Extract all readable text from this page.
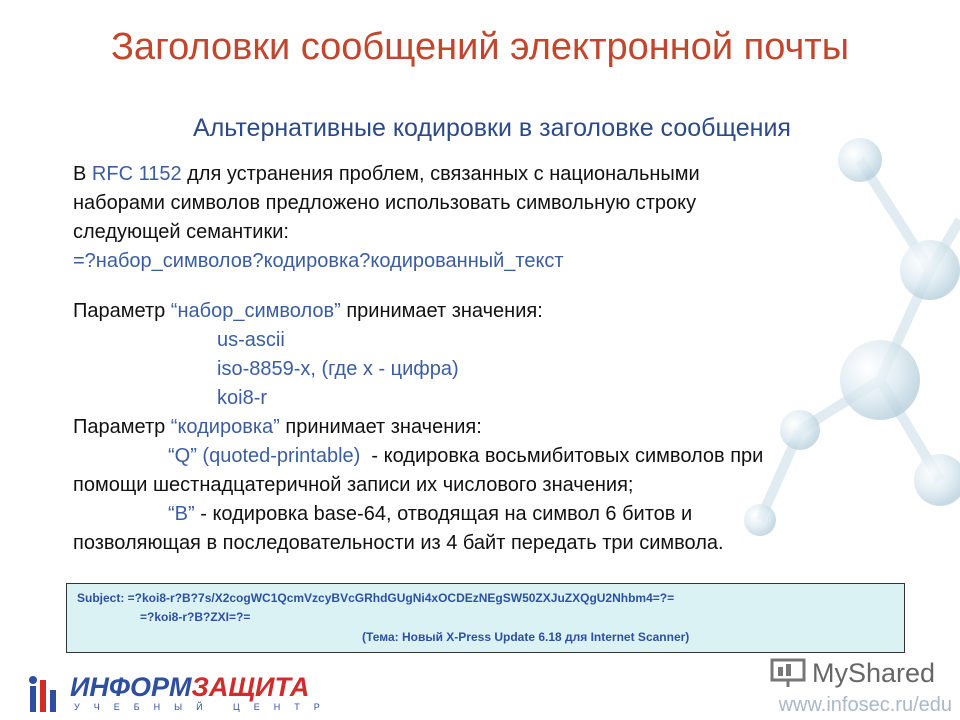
Заголовки сообщений электронной почты
Альтернативные кодировки в заголовке сообщения
В RFC 1152 для устранения проблем, связанных с национальными
наборами символов предложено использовать символьную строку
следующей семантики:
=?набор_символов?кодировка?кодированный_текст
Параметр “набор_символов” принимает значения:
us-ascii
iso-8859-x, (где х - цифра)
koi8-r
Параметр “кодировка” принимает значения:
“Q” (quoted-printable)  - кодировка восьмибитовых символов при
помощи шестнадцатеричной записи их числового значения;
“B” - кодировка base-64, отводящая на символ 6 битов и
позволяющая в последовательности из 4 байт передать три символа.
Subject: =?koi8-r?B?7s/X2cogWC1QcmVzcyBVcGRhdGUgNi4xOCDEzNEgSW50ZXJuZXQgU2Nhbm4=?=
=?koi8-r?B?ZXI=?=
(Тема: Новый X-Press Update 6.18 для Internet Scanner)
ИНФОРМЗАЩИТА
УЧЕБНЫЙ ЦЕНТР
MyShared
www.infosec.ru/edu
